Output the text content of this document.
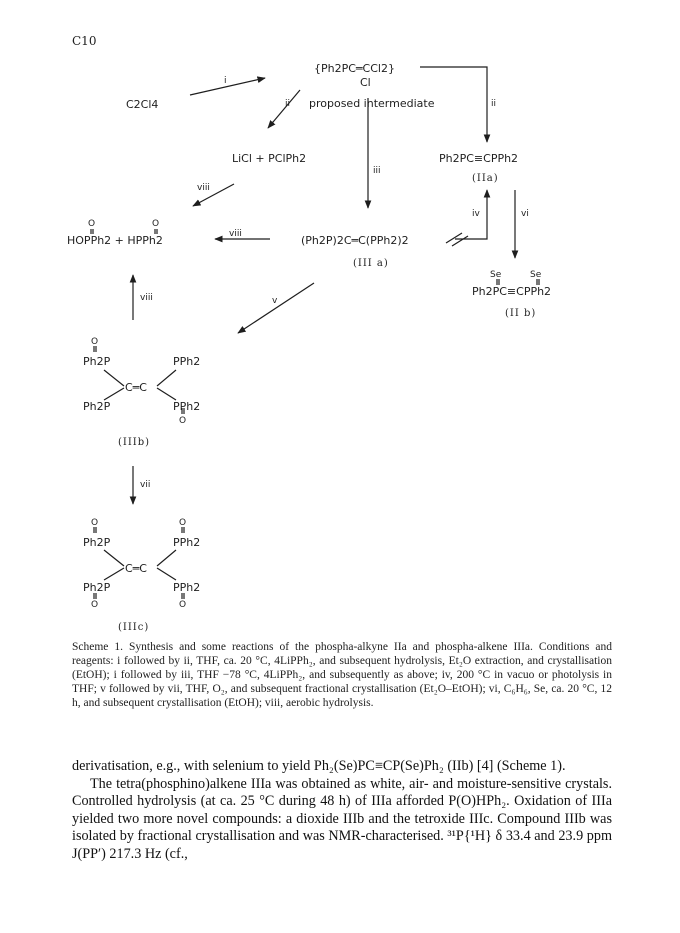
C10
C2Cl4
{Ph2PC═CCl2}
Cl
proposed intermediate
LiCl + PClPh2	Ph2PC≡CPPh2
(IIa)
(Ph2P)2C═C(PPh2)2
(III a)
HOPPh2 + HPPh2
O	O
Se	Se
Ph2PC≡CPPh2
(II b)
O
Ph2P	PPh2
C═C
Ph2P	PPh2
O
(IIIb)
O	O
Ph2P	PPh2
C═C
Ph2P	PPh2
O	O
(IIIc)
i
ii	ii
iii
viii
viii
iv	vi
viii	v
vii
Scheme 1. Synthesis and some reactions of the phospha-alkyne IIa and phospha-alkene IIIa. Conditions and reagents: i followed by ii, THF, ca. 20 °C, 4LiPPh₂, and subsequent hydrolysis, Et₂O extraction, and crystallisation (EtOH); i followed by iii, THF −78 °C, 4LiPPh₂, and subsequently as above; iv, 200 °C in vacuo or photolysis in THF; v followed by vii, THF, O₂, and subsequent fractional crystallisation (Et₂O–EtOH); vi, C₆H₆, Se, ca. 20 °C, 12 h, and subsequent crystallisation (EtOH); viii, aerobic hydrolysis.

derivatisation, e.g., with selenium to yield Ph₂(Se)PC≡CP(Se)Ph₂ (IIb) [4] (Scheme 1).

The tetra(phosphino)alkene IIIa was obtained as white, air- and moisture-sensitive crystals. Controlled hydrolysis (at ca. 25 °C during 48 h) of IIIa afforded P(O)HPh₂. Oxidation of IIIa yielded two more novel compounds: a dioxide IIIb and the tetroxide IIIc. Compound IIIb was isolated by fractional crystallisation and was NMR-characterised. ³¹P{¹H} δ 33.4 and 23.9 ppm J(PP′) 217.3 Hz (cf.,
